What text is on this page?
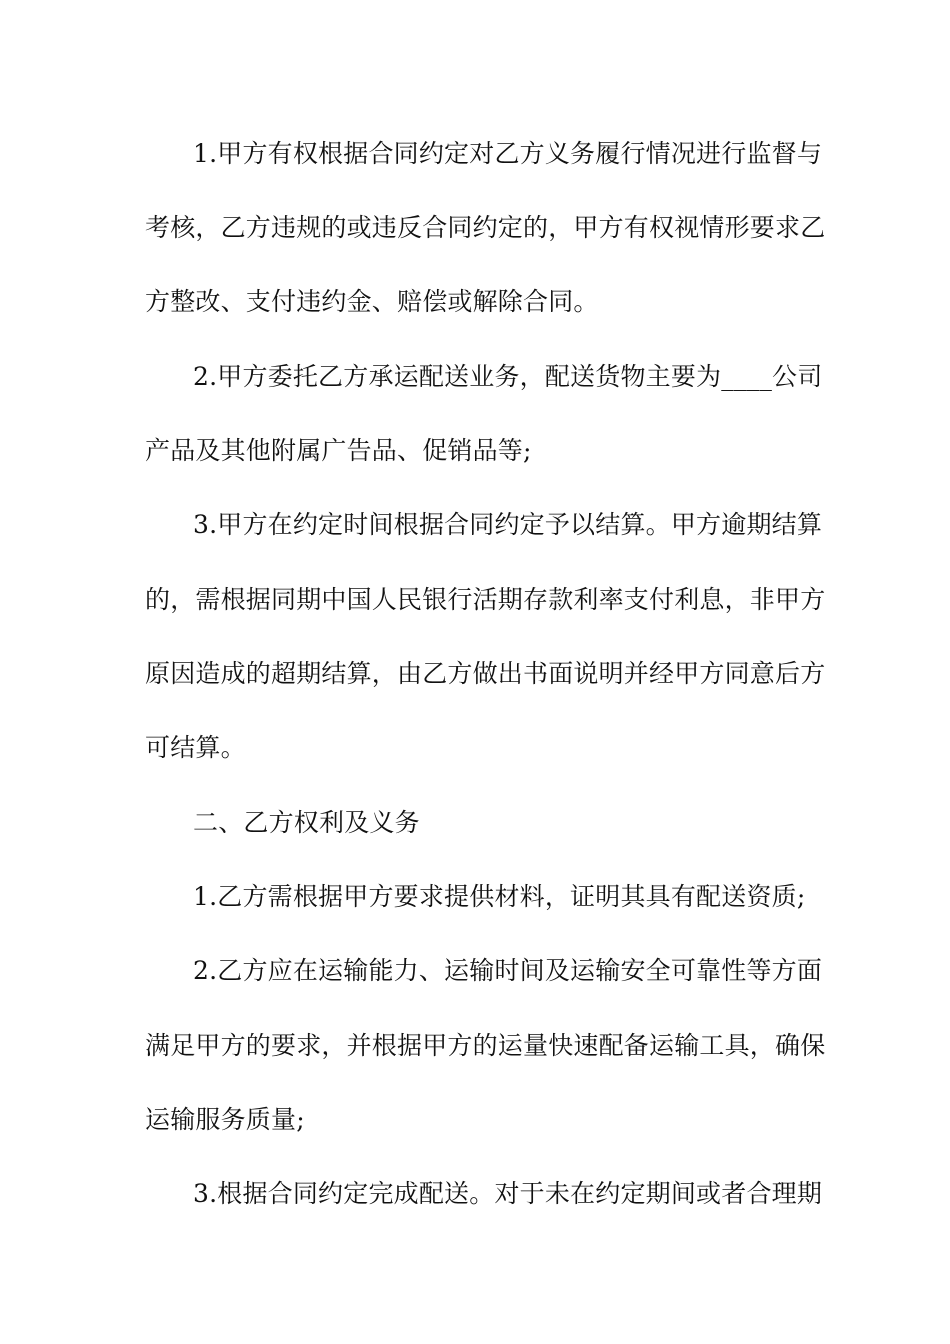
1.甲方有权根据合同约定对乙方义务履行情况进行监督与
考核，乙方违规的或违反合同约定的，甲方有权视情形要求乙
方整改、支付违约金、赔偿或解除合同。
2.甲方委托乙方承运配送业务，配送货物主要为____公司
产品及其他附属广告品、促销品等;
3.甲方在约定时间根据合同约定予以结算。甲方逾期结算
的，需根据同期中国人民银行活期存款利率支付利息，非甲方
原因造成的超期结算，由乙方做出书面说明并经甲方同意后方
可结算。
二、乙方权利及义务
1.乙方需根据甲方要求提供材料，证明其具有配送资质;
2.乙方应在运输能力、运输时间及运输安全可靠性等方面
满足甲方的要求，并根据甲方的运量快速配备运输工具，确保
运输服务质量;
3.根据合同约定完成配送。对于未在约定期间或者合理期
